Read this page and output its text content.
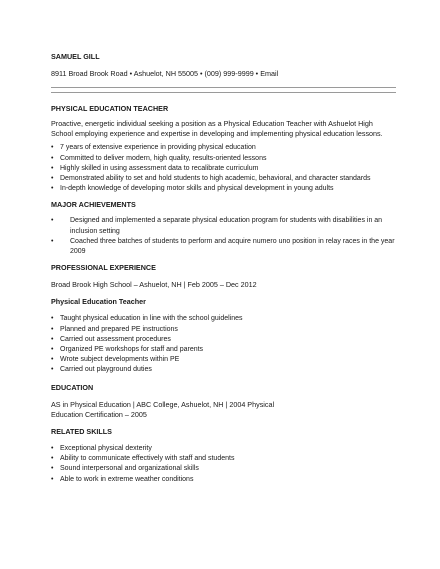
SAMUEL GILL
8911 Broad Brook Road • Ashuelot, NH 55005 • (009) 999-9999 • Email
PHYSICAL EDUCATION TEACHER
Proactive, energetic individual seeking a position as a Physical Education Teacher with Ashuelot High School employing experience and expertise in developing and implementing physical education lessons.
• 7 years of extensive experience in providing physical education
• Committed to deliver modern, high quality, results-oriented lessons
• Highly skilled in using assessment data to recalibrate curriculum
• Demonstrated ability to set and hold students to high academic, behavioral, and character standards
• In-depth knowledge of developing motor skills and physical development in young adults
MAJOR ACHIEVEMENTS
• Designed and implemented a separate physical education program for students with disabilities in an inclusion setting
• Coached three batches of students to perform and acquire numero uno position in relay races in the year 2009
PROFESSIONAL EXPERIENCE
Broad Brook High School – Ashuelot, NH | Feb 2005 – Dec 2012
Physical Education Teacher
• Taught physical education in line with the school guidelines
• Planned and prepared PE instructions
• Carried out assessment procedures
• Organized PE workshops for staff and parents
• Wrote subject developments within PE
• Carried out playground duties
EDUCATION
AS in Physical Education | ABC College, Ashuelot, NH | 2004 Physical
Education Certification – 2005
RELATED SKILLS
• Exceptional physical dexterity
• Ability to communicate effectively with staff and students
• Sound interpersonal and organizational skills
• Able to work in extreme weather conditions
